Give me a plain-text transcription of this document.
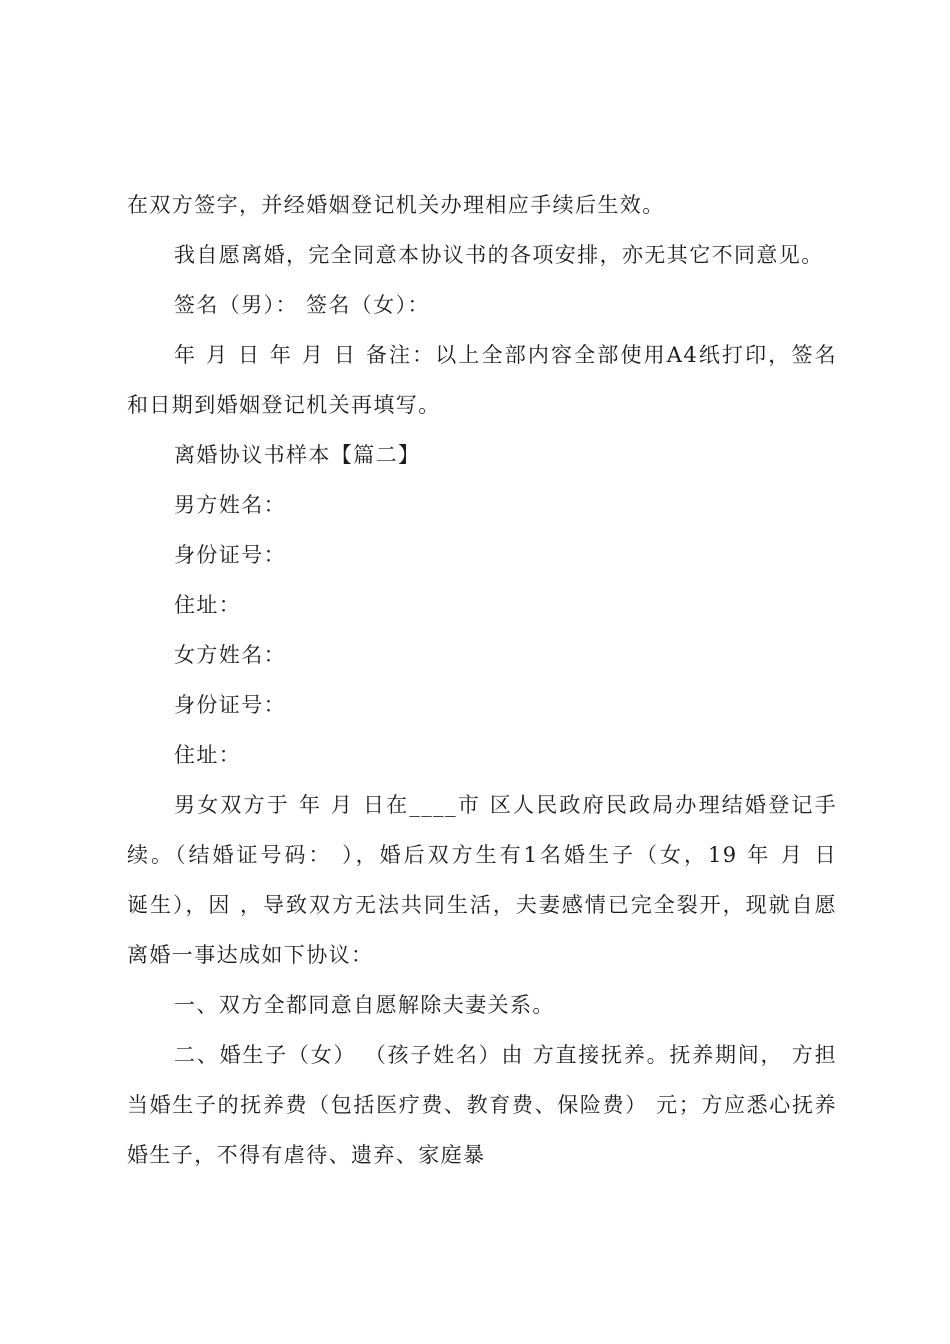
在双方签字，并经婚姻登记机关办理相应手续后生效。
我自愿离婚，完全同意本协议书的各项安排，亦无其它不同意见。
签名（男）： 签名（女）：
年 月 日 年 月 日 备注：以上全部内容全部使用A4纸打印，签名
和日期到婚姻登记机关再填写。
离婚协议书样本【篇二】
男方姓名：
身份证号：
住址：
女方姓名：
身份证号：
住址：
男女双方于 年 月 日在____市 区人民政府民政局办理结婚登记手
续。（结婚证号码： ），婚后双方生有1名婚生子（女，19 年 月 日
诞生），因 ，导致双方无法共同生活，夫妻感情已完全裂开，现就自愿
离婚一事达成如下协议：
一、双方全都同意自愿解除夫妻关系。
二、婚生子（女） （孩子姓名）由 方直接抚养。抚养期间， 方担
当婚生子的抚养费（包括医疗费、教育费、保险费） 元；方应悉心抚养
婚生子，不得有虐待、遗弃、家庭暴
